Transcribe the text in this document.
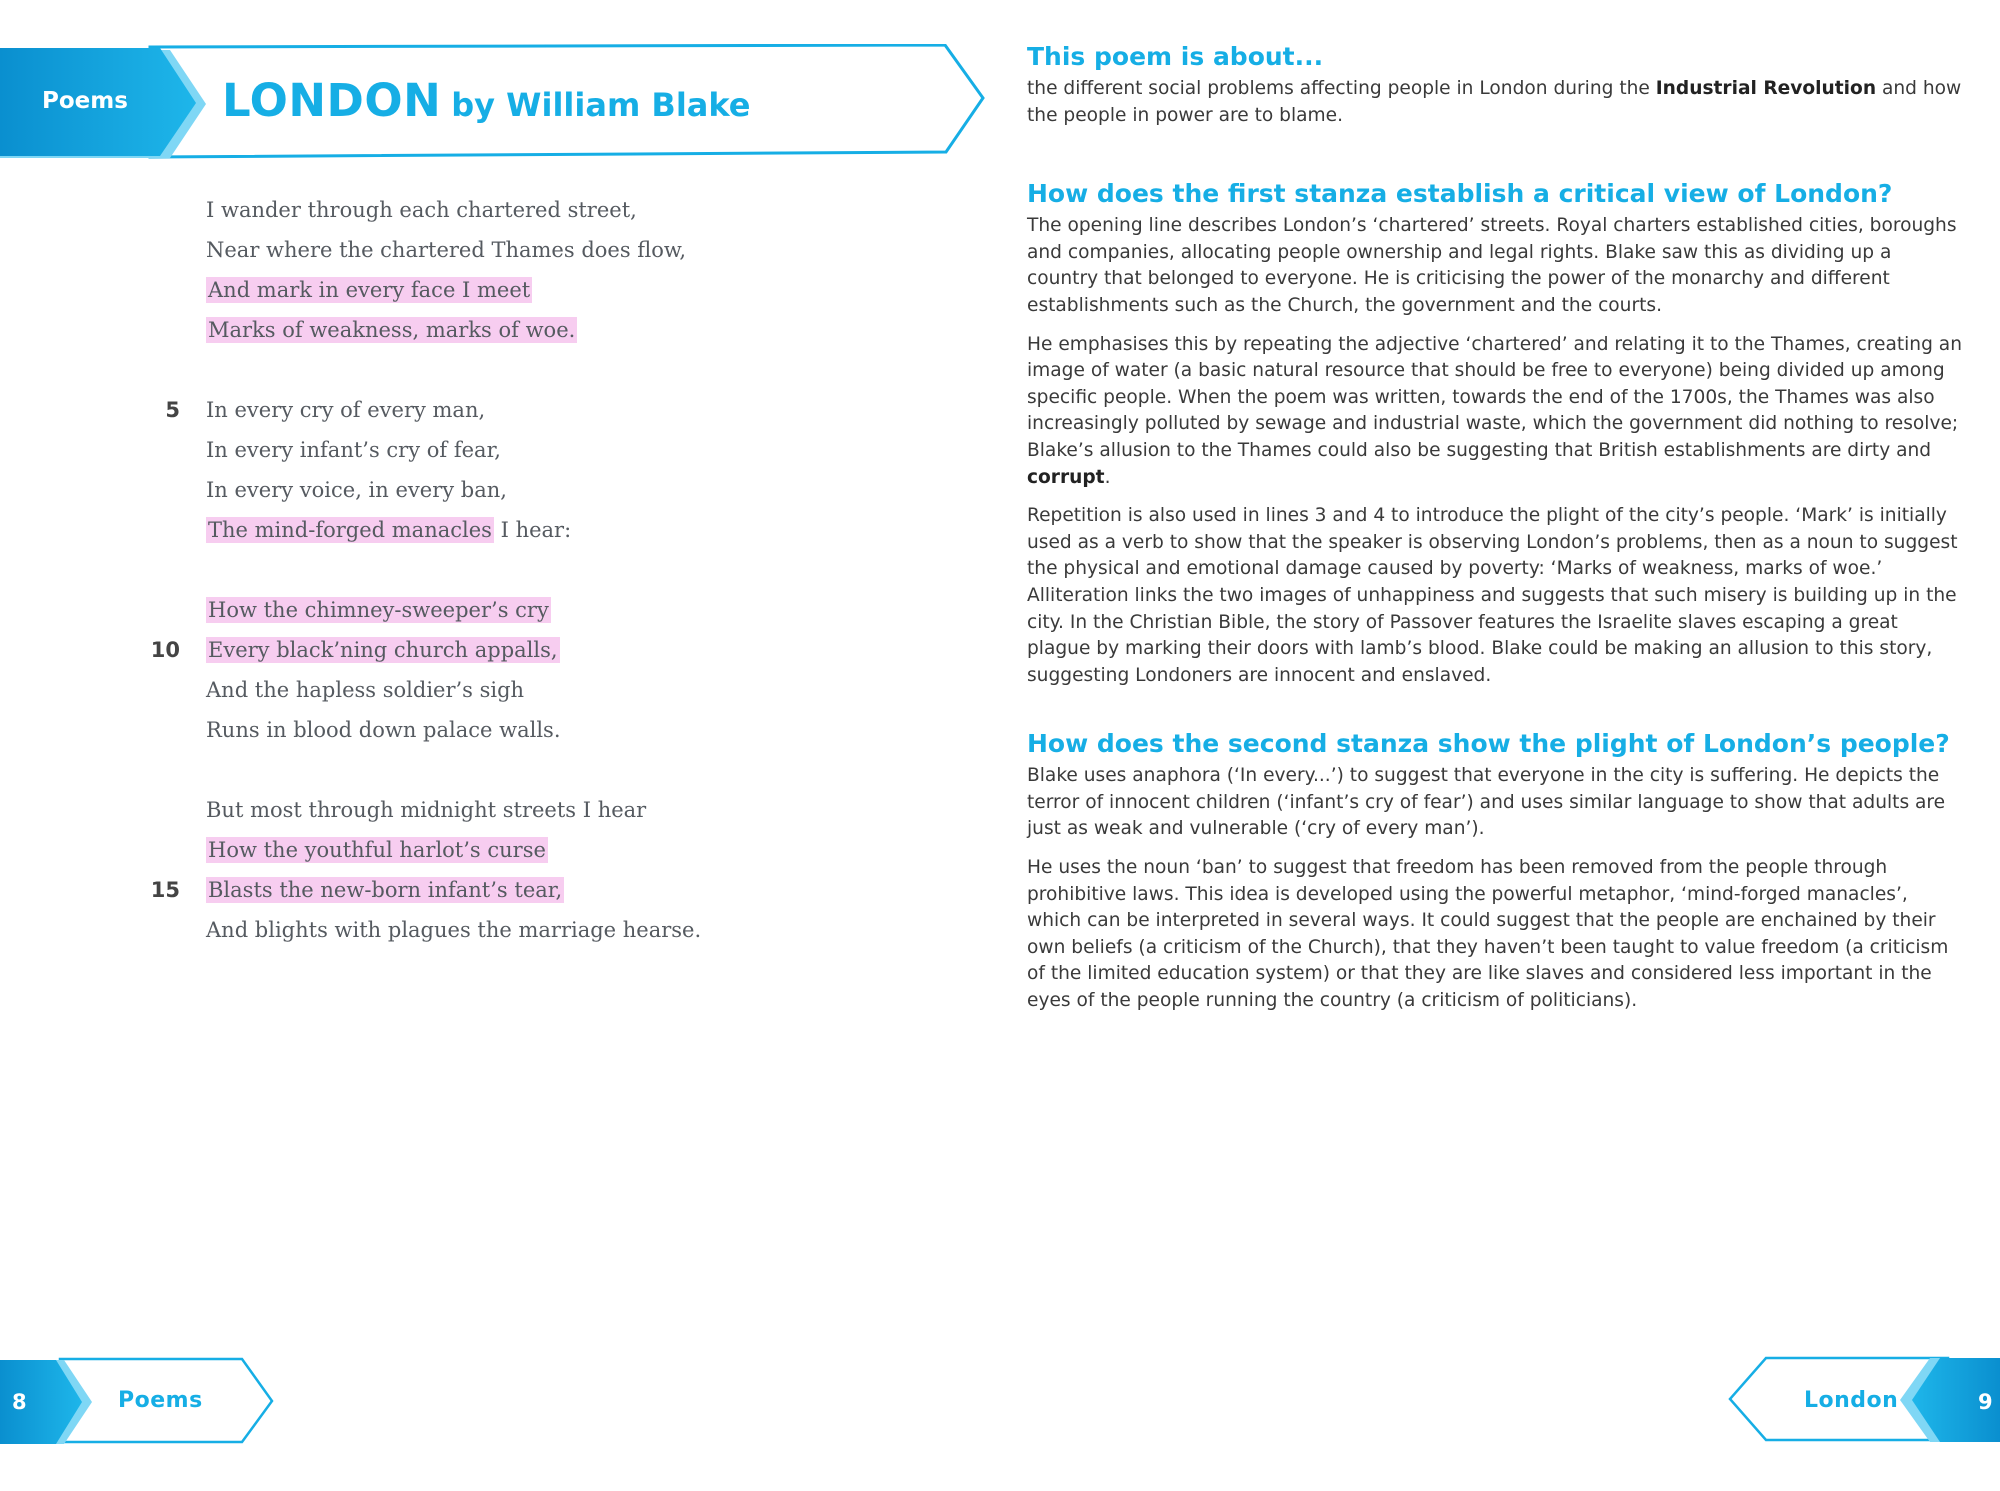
Poems LONDON by William Blake
I wander through each chartered street,
Near where the chartered Thames does flow,
And mark in every face I meet
Marks of weakness, marks of woe.
5 In every cry of every man,
In every infant’s cry of fear,
In every voice, in every ban,
The mind-forged manacles I hear:
How the chimney-sweeper’s cry
10 Every black’ning church appalls,
And the hapless soldier’s sigh
Runs in blood down palace walls.
But most through midnight streets I hear
How the youthful harlot’s curse
15 Blasts the new-born infant’s tear,
And blights with plagues the marriage hearse.
This poem is about...

the different social problems affecting people in London during the Industrial Revolution and how the people in power are to blame.

How does the first stanza establish a critical view of London?

The opening line describes London’s ‘chartered’ streets. Royal charters established cities, boroughs and companies, allocating people ownership and legal rights. Blake saw this as dividing up a country that belonged to everyone. He is criticising the power of the monarchy and different establishments such as the Church, the government and the courts.

He emphasises this by repeating the adjective ‘chartered’ and relating it to the Thames, creating an image of water (a basic natural resource that should be free to everyone) being divided up among specific people. When the poem was written, towards the end of the 1700s, the Thames was also increasingly polluted by sewage and industrial waste, which the government did nothing to resolve; Blake’s allusion to the Thames could also be suggesting that British establishments are dirty and corrupt.

Repetition is also used in lines 3 and 4 to introduce the plight of the city’s people. ‘Mark’ is initially used as a verb to show that the speaker is observing London’s problems, then as a noun to suggest the physical and emotional damage caused by poverty: ‘Marks of weakness, marks of woe.’ Alliteration links the two images of unhappiness and suggests that such misery is building up in the city. In the Christian Bible, the story of Passover features the Israelite slaves escaping a great plague by marking their doors with lamb’s blood. Blake could be making an allusion to this story, suggesting Londoners are innocent and enslaved.

How does the second stanza show the plight of London’s people?

Blake uses anaphora (‘In every...’) to suggest that everyone in the city is suffering. He depicts the terror of innocent children (‘infant’s cry of fear’) and uses similar language to show that adults are just as weak and vulnerable (‘cry of every man’).

He uses the noun ‘ban’ to suggest that freedom has been removed from the people through prohibitive laws. This idea is developed using the powerful metaphor, ‘mind-forged manacles’, which can be interpreted in several ways. It could suggest that the people are enchained by their own beliefs (a criticism of the Church), that they haven’t been taught to value freedom (a criticism of the limited education system) or that they are like slaves and considered less important in the eyes of the people running the country (a criticism of politicians).

8	Poems	London	9
